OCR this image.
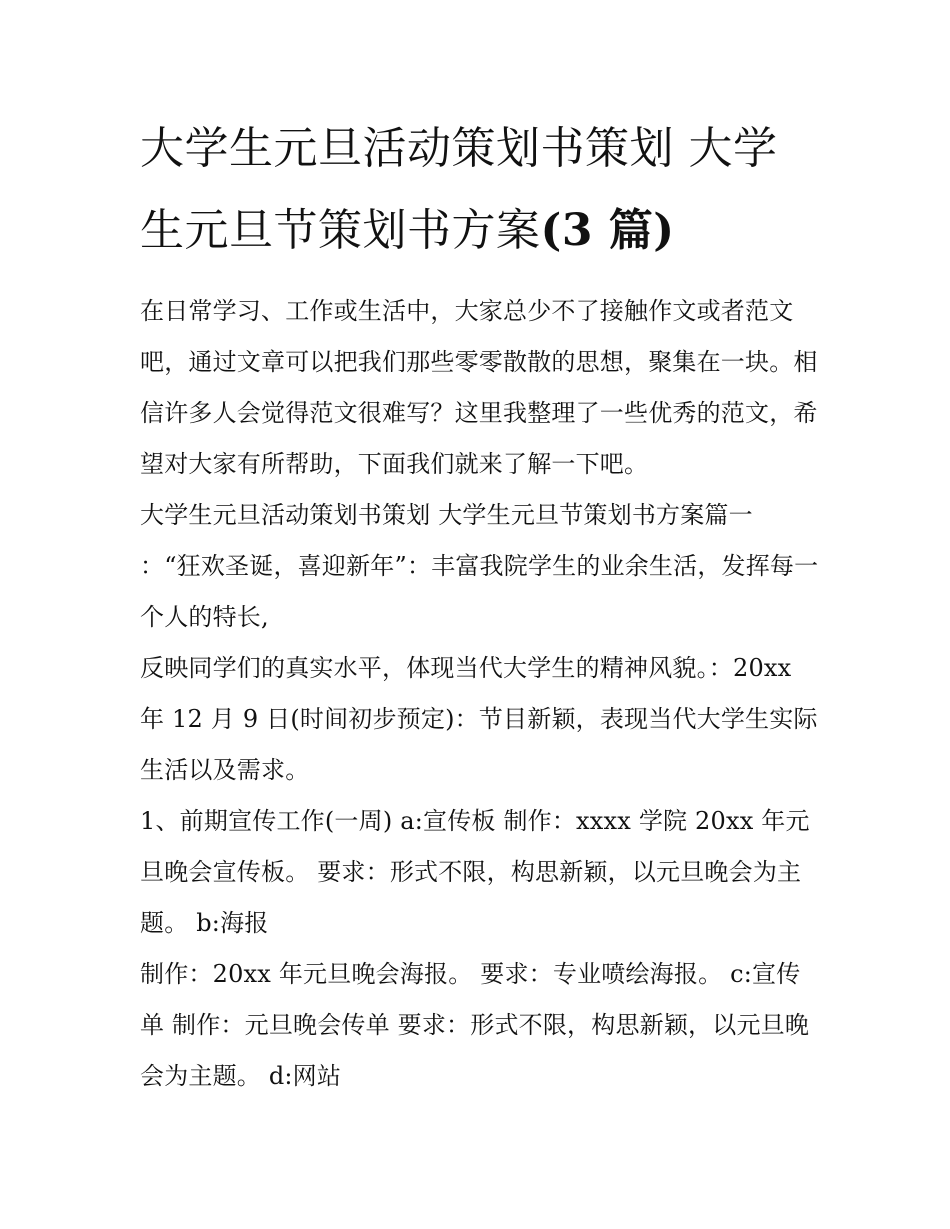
大学生元旦活动策划书策划 大学生元旦节策划书方案(3 篇)

在日常学习、工作或生活中，大家总少不了接触作文或者范文吧，通过文章可以把我们那些零零散散的思想，聚集在一块。相信许多人会觉得范文很难写？这里我整理了一些优秀的范文，希望对大家有所帮助，下面我们就来了解一下吧。

大学生元旦活动策划书策划 大学生元旦节策划书方案篇一

：“狂欢圣诞，喜迎新年”：丰富我院学生的业余生活，发挥每一个人的特长,

反映同学们的真实水平，体现当代大学生的精神风貌。：20xx 年 12 月 9 日(时间初步预定)：节目新颖，表现当代大学生实际生活以及需求。

1、前期宣传工作(一周) a:宣传板 制作：xxxx 学院 20xx 年元旦晚会宣传板。 要求：形式不限，构思新颖，以元旦晚会为主题。 b:海报

制作：20xx 年元旦晚会海报。 要求：专业喷绘海报。 c:宣传单 制作：元旦晚会传单 要求：形式不限，构思新颖，以元旦晚会为主题。 d:网站
